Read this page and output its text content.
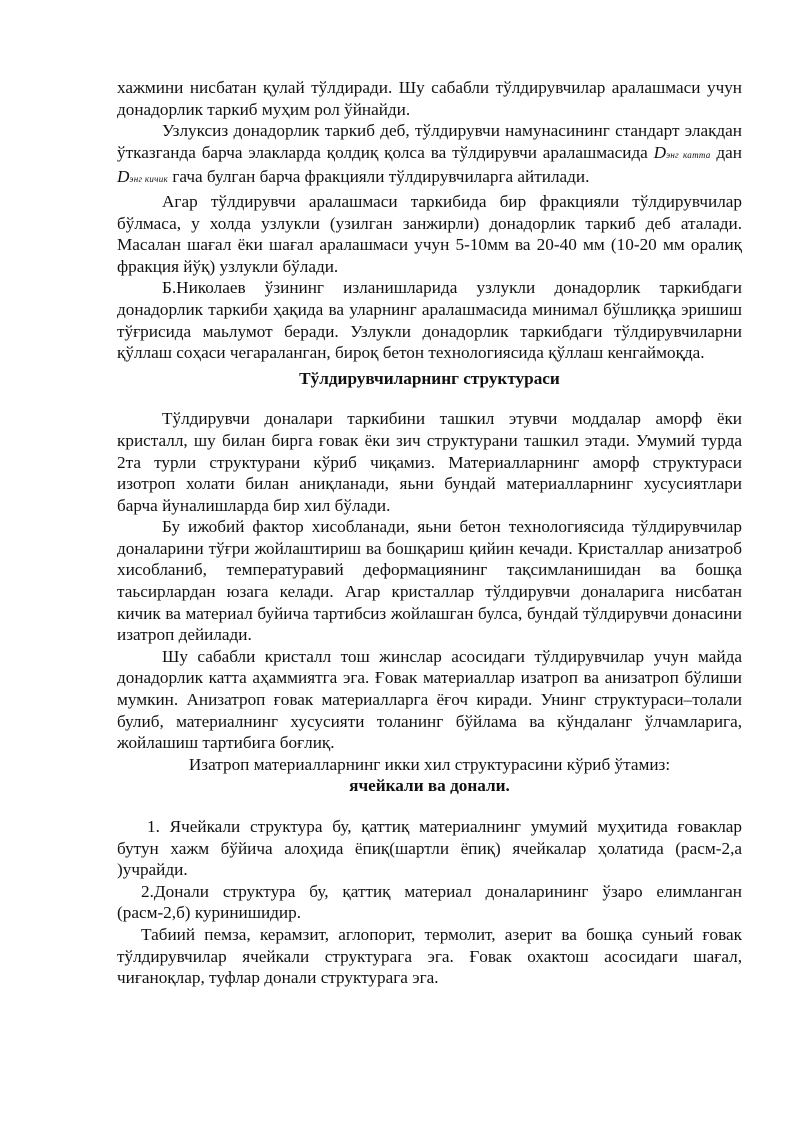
хажмини нисбатан қулай тўлдиради. Шу сабабли тўлдирувчилар аралашмаси учун донадорлик таркиб муҳим рол ўйнайди.

Узлуксиз донадорлик таркиб деб, тўлдирувчи намунасининг стандарт элакдан ўтказганда барча элакларда қолдиқ қолса ва тўлдирувчи аралашмасида Dэнг катта дан Dэнг кичик гача булган барча фракцияли тўлдирувчиларга айтилади.

Агар тўлдирувчи аралашмаси таркибида бир фракцияли тўлдирувчилар бўлмаса, у холда узлукли (узилган занжирли) донадорлик таркиб деб аталади. Масалан шағал ёки шағал аралашмаси учун 5-10мм ва 20-40 мм (10-20 мм оралиқ фракция йўқ) узлукли бўлади.

Б.Николаев ўзининг изланишларида узлукли донадорлик таркибдаги донадорлик таркиби ҳақида ва уларнинг аралашмасида минимал бўшлиққа эришиш тўғрисида маьлумот беради. Узлукли донадорлик таркибдаги тўлдирувчиларни қўллаш соҳаси чегараланган, бироқ бетон технологиясида қўллаш кенгаймоқда.

Тўлдирувчиларнинг структураси

Тўлдирувчи доналари таркибини ташкил этувчи моддалар аморф ёки кристалл, шу билан бирга ғовак ёки зич структурани ташкил этади. Умумий турда 2та турли структурани кўриб чиқамиз. Материалларнинг аморф структураси изотроп холати билан аниқланади, яьни бундай материалларнинг хусусиятлари барча йуналишларда бир хил бўлади.

Бу ижобий фактор хисобланади, яьни бетон технологиясида тўлдирувчилар доналарини тўғри жойлаштириш ва бошқариш қийин кечади. Кристаллар анизатроб хисобланиб, температуравий деформациянинг тақсимланишидан ва бошқа таьсирлардан юзага келади. Агар кристаллар тўлдирувчи доналарига нисбатан кичик ва материал буйича тартибсиз жойлашган булса, бундай тўлдирувчи донасини изатроп дейилади.

Шу сабабли кристалл тош жинслар асосидаги тўлдирувчилар учун майда донадорлик катта аҳаммиятга эга. Ғовак материаллар изатроп ва анизатроп бўлиши мумкин. Анизатроп ғовак материалларга ёғоч киради. Унинг структураси–толали булиб, материалнинг хусусияти толанинг бўйлама ва кўндаланг ўлчамларига, жойлашиш тартибига боғлиқ.

Изатроп материалларнинг икки хил структурасини кўриб ўтамиз:

ячейкали ва донали.

1. Ячейкали структура бу, қаттиқ материалнинг умумий муҳитида ғовaклар бутун хажм бўйича алоҳида ёпиқ(шартли ёпиқ) ячейкалар ҳолатида (расм-2,а )учрайди.

2.Донали структура бу, қаттиқ материал доналарининг ўзаро елимланган (расм-2,б) куринишидир.

Табиий пемза, керамзит, аглопорит, термолит, азерит ва бошқа суньий ғовак тўлдирувчилар ячейкали структурага эга. Ғовак охактош асосидаги шағал, чиғаноқлар, туфлар донали структурага эга.
